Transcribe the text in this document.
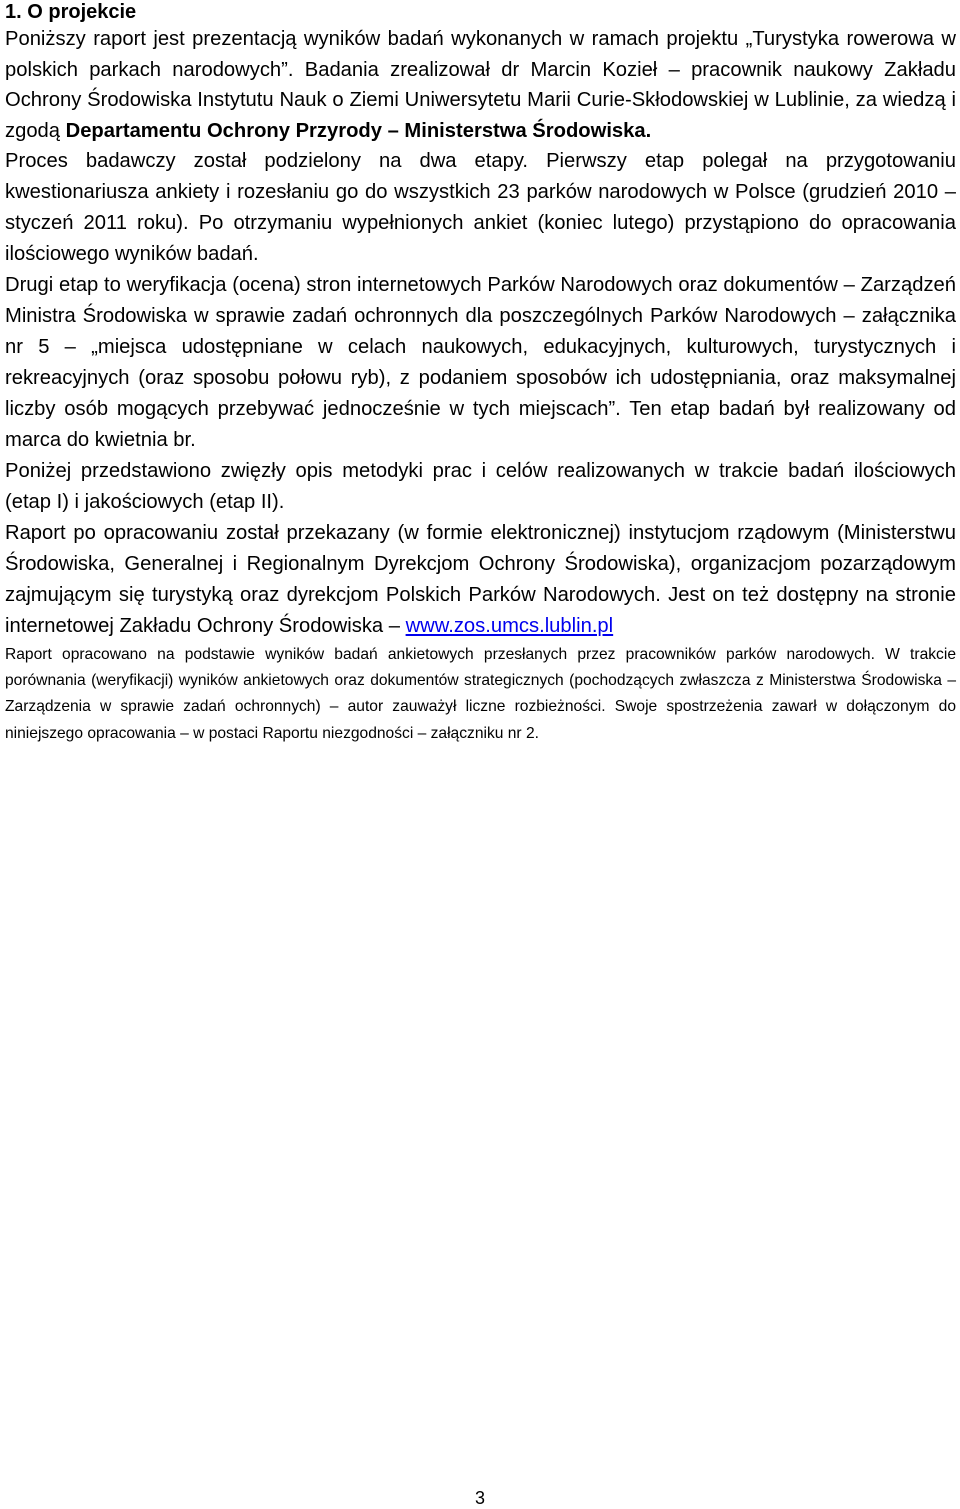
1. O projekcie

Poniższy raport jest prezentacją wyników badań wykonanych w ramach projektu „Turystyka rowerowa w polskich parkach narodowych”. Badania zrealizował dr Marcin Kozieł – pracownik naukowy Zakładu Ochrony Środowiska Instytutu Nauk o Ziemi Uniwersytetu Marii Curie-Skłodowskiej w Lublinie, za wiedzą i zgodą Departamentu Ochrony Przyrody – Ministerstwa Środowiska.

Proces badawczy został podzielony na dwa etapy. Pierwszy etap polegał na przygotowaniu kwestionariusza ankiety i rozesłaniu go do wszystkich 23 parków narodowych w Polsce (grudzień 2010 – styczeń 2011 roku). Po otrzymaniu wypełnionych ankiet (koniec lutego) przystąpiono do opracowania ilościowego wyników badań.

Drugi etap to weryfikacja (ocena) stron internetowych Parków Narodowych oraz dokumentów – Zarządzeń Ministra Środowiska w sprawie zadań ochronnych dla poszczególnych Parków Narodowych – załącznika nr 5 – „miejsca udostępniane w celach naukowych, edukacyjnych, kulturowych, turystycznych i rekreacyjnych (oraz sposobu połowu ryb), z podaniem sposobów ich udostępniania, oraz maksymalnej liczby osób mogących przebywać jednocześnie w tych miejscach”. Ten etap badań był realizowany od marca do kwietnia br.

Poniżej przedstawiono zwięzły opis metodyki prac i celów realizowanych w trakcie badań ilościowych (etap I) i jakościowych (etap II).

Raport po opracowaniu został przekazany (w formie elektronicznej) instytucjom rządowym (Ministerstwu Środowiska, Generalnej i Regionalnym Dyrekcjom Ochrony Środowiska), organizacjom pozarządowym zajmującym się turystyką oraz dyrekcjom Polskich Parków Narodowych. Jest on też dostępny na stronie internetowej Zakładu Ochrony Środowiska – www.zos.umcs.lublin.pl

Raport opracowano na podstawie wyników badań ankietowych przesłanych przez pracowników parków narodowych. W trakcie porównania (weryfikacji) wyników ankietowych oraz dokumentów strategicznych (pochodzących zwłaszcza z Ministerstwa Środowiska – Zarządzenia w sprawie zadań ochronnych) – autor zauważył liczne rozbieżności. Swoje spostrzeżenia zawarł w dołączonym do niniejszego opracowania – w postaci Raportu niezgodności – załączniku nr 2.

3
